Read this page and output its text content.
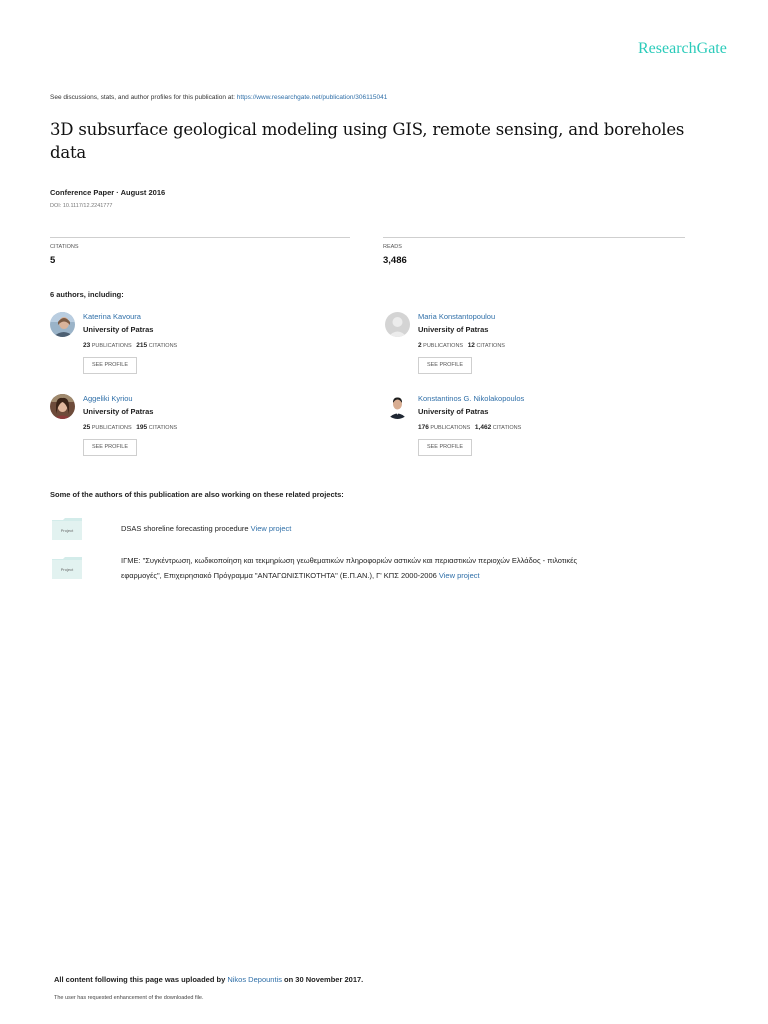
ResearchGate
See discussions, stats, and author profiles for this publication at: https://www.researchgate.net/publication/306115041
3D subsurface geological modeling using GIS, remote sensing, and boreholes data
Conference Paper · August 2016
DOI: 10.1117/12.2241777
CITATIONS
5
READS
3,486
6 authors, including:
Katerina Kavoura
University of Patras
23 PUBLICATIONS 215 CITATIONS
SEE PROFILE
Maria Konstantopoulou
University of Patras
2 PUBLICATIONS 12 CITATIONS
SEE PROFILE
Aggeliki Kyriou
University of Patras
25 PUBLICATIONS 195 CITATIONS
SEE PROFILE
Konstantinos G. Nikolakopoulos
University of Patras
176 PUBLICATIONS 1,462 CITATIONS
SEE PROFILE
Some of the authors of this publication are also working on these related projects:
Project	DSAS shoreline forecasting procedure View project
Project
ΙΓΜΕ: "Συγκέντρωση, κωδικοποίηση και τεκμηρίωση γεωθεματικών πληροφοριών αστικών και περιαστικών περιοχών Ελλάδος - πιλοτικές
εφαρμογές", Επιχειρησιακό Πρόγραμμα "ΑΝΤΑΓΩΝΙΣΤΙΚΟΤΗΤΑ" (Ε.Π.ΑΝ.), Γ' ΚΠΣ 2000-2006 View project
All content following this page was uploaded by Nikos Depountis on 30 November 2017.
The user has requested enhancement of the downloaded file.
